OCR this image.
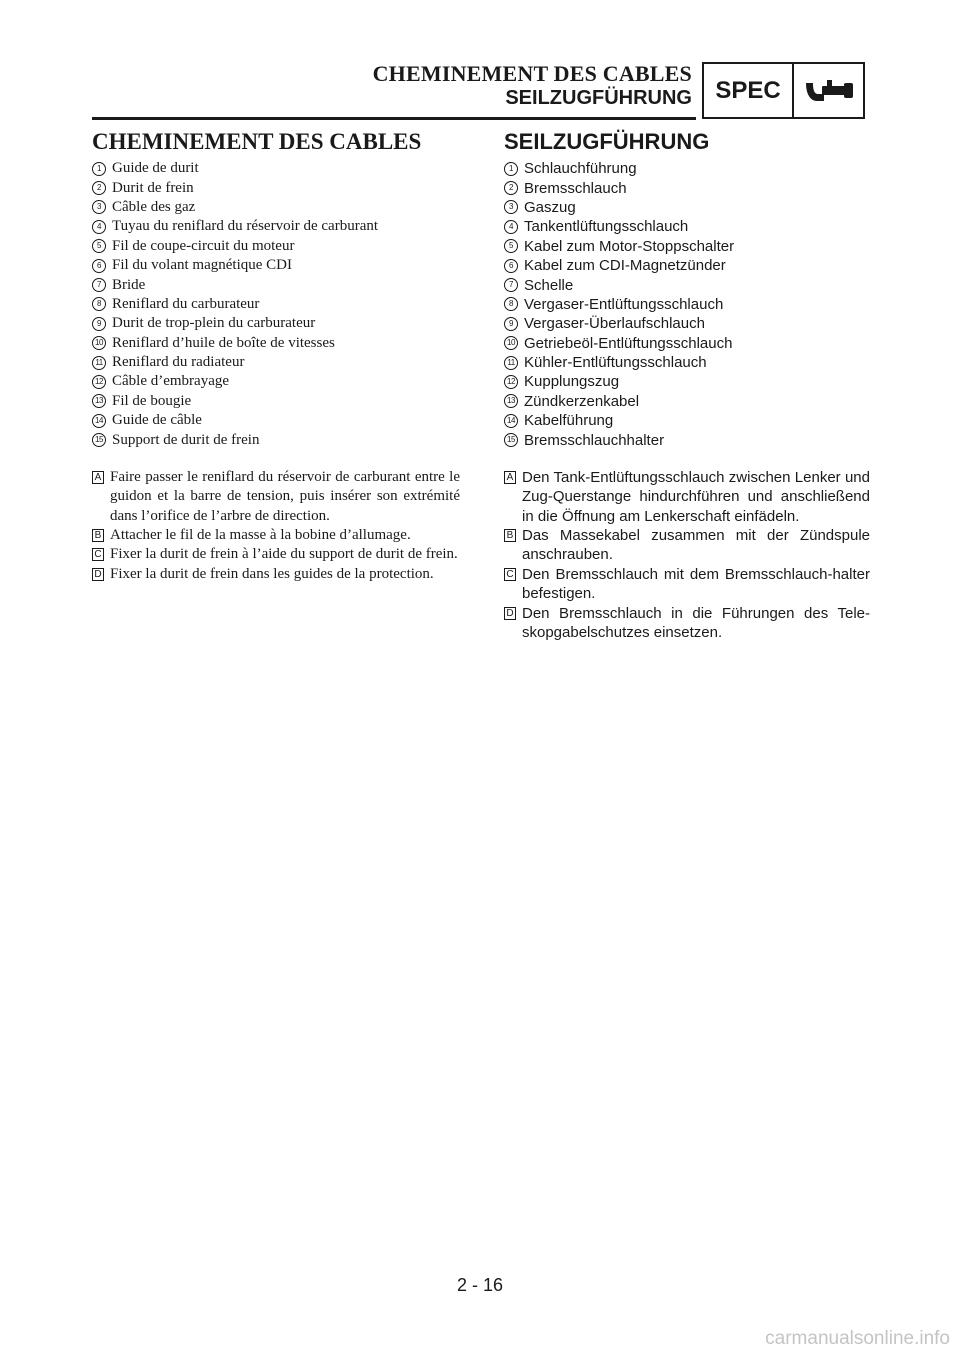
CHEMINEMENT DES CABLES
SEILZUGFÜHRUNG SPEC
CHEMINEMENT DES CABLES
1 Guide de durit
2 Durit de frein
3 Câble des gaz
4 Tuyau du reniflard du réservoir de carburant
5 Fil de coupe-circuit du moteur
6 Fil du volant magnétique CDI
7 Bride
8 Reniflard du carburateur
9 Durit de trop-plein du carburateur
10 Reniflard d’huile de boîte de vitesses
11 Reniflard du radiateur
12 Câble d’embrayage
13 Fil de bougie
14 Guide de câble
15 Support de durit de frein
A Faire passer le reniflard du réservoir de carburant entre le guidon et la barre de tension, puis insérer son extrémité dans l’orifice de l’arbre de direction.
B Attacher le fil de la masse à la bobine d’allumage.
C Fixer la durit de frein à l’aide du support de durit de frein.
D Fixer la durit de frein dans les guides de la protection.
SEILZUGFÜHRUNG
1 Schlauchführung
2 Bremsschlauch
3 Gaszug
4 Tankentlüftungsschlauch
5 Kabel zum Motor-Stoppschalter
6 Kabel zum CDI-Magnetzünder
7 Schelle
8 Vergaser-Entlüftungsschlauch
9 Vergaser-Überlaufschlauch
10 Getriebeöl-Entlüftungsschlauch
11 Kühler-Entlüftungsschlauch
12 Kupplungszug
13 Zündkerzenkabel
14 Kabelführung
15 Bremsschlauchhalter
A Den Tank-Entlüftungsschlauch zwischen Lenker und Zug-Querstange hindurchführen und anschließend in die Öffnung am Lenkerschaft einfädeln.
B Das Massekabel zusammen mit der Zündspule anschrauben.
C Den Bremsschlauch mit dem Bremsschlauch-halter befestigen.
D Den Bremsschlauch in die Führungen des Tele-skopgabelschutzes einsetzen.
2 - 16
carmanualsonline.info
